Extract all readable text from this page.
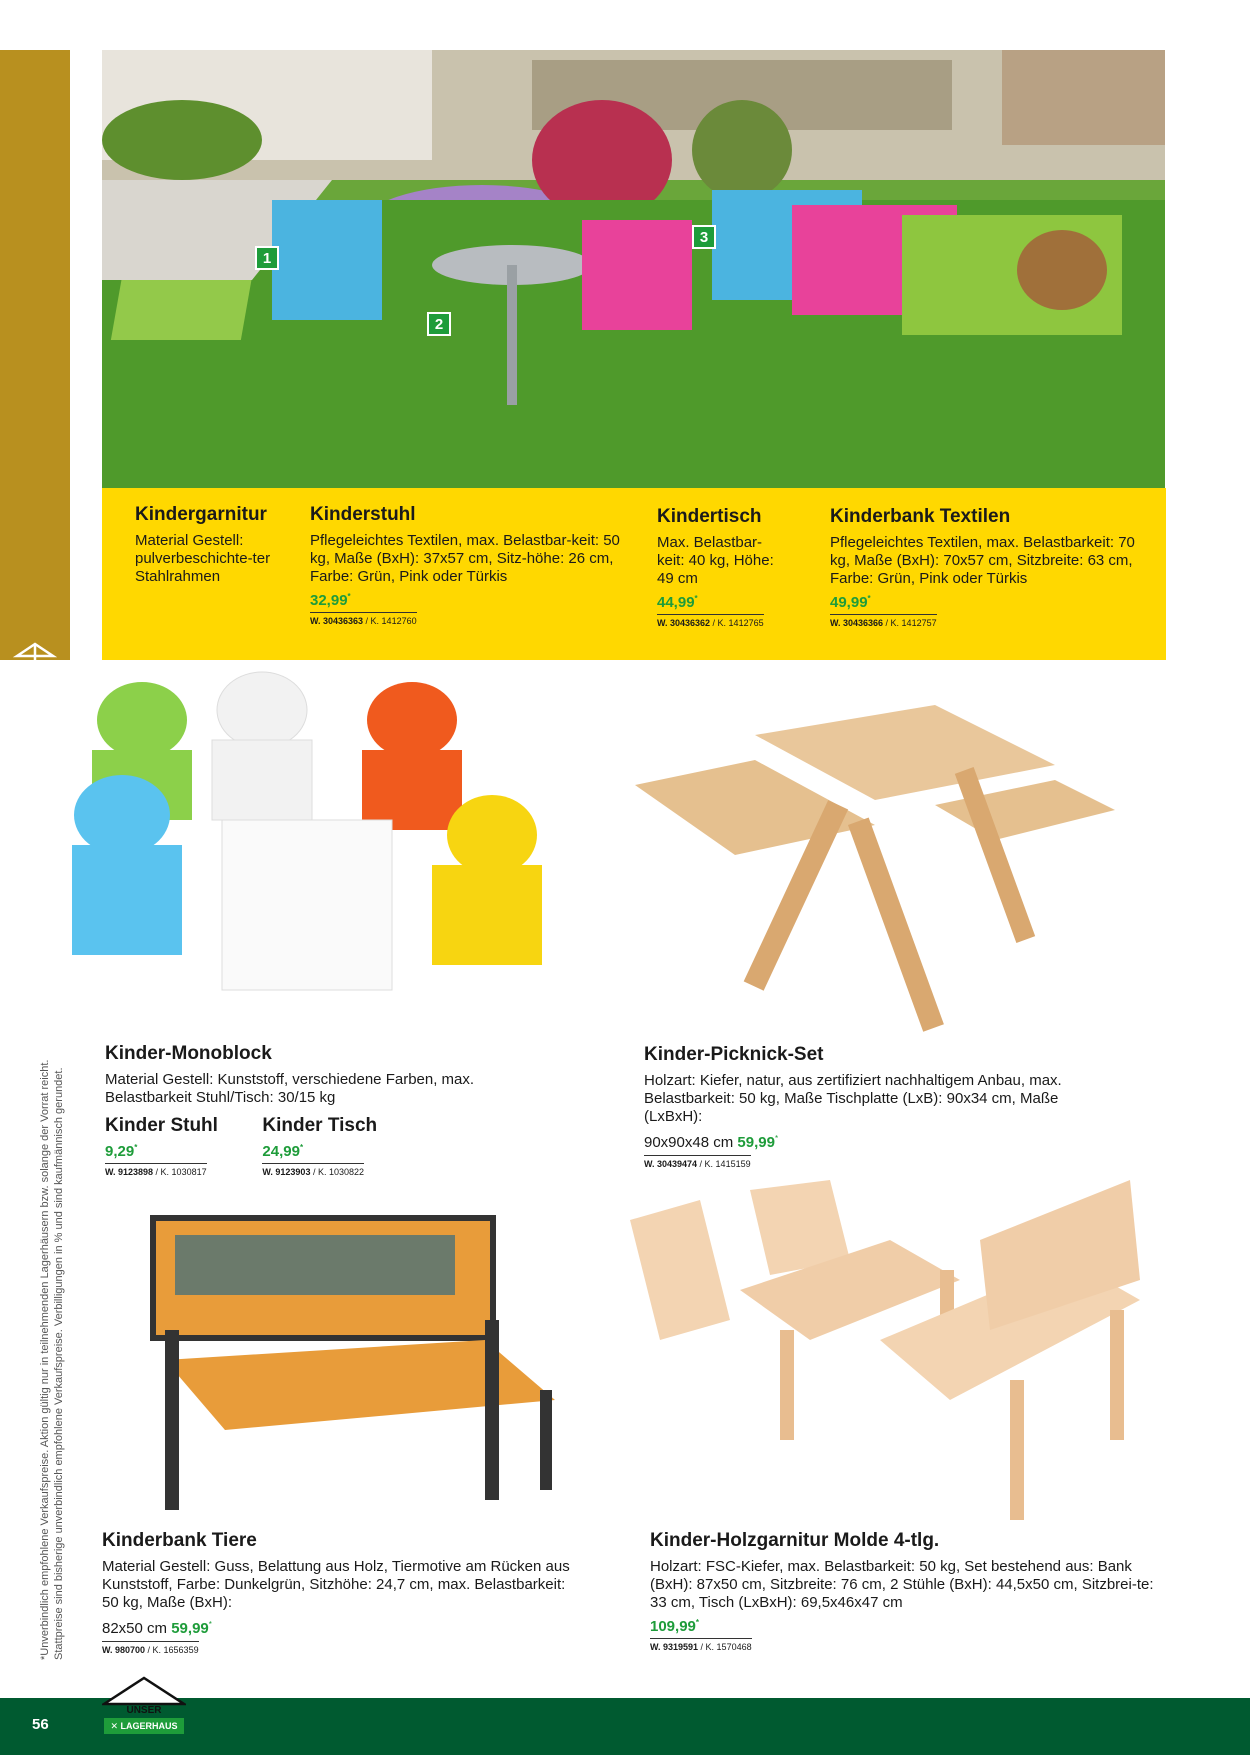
1
2
3
Kindergarnitur

Material Gestell: pulverbeschichte-ter Stahlrahmen

Kinderstuhl

Pflegeleichtes Textilen, max. Belastbar-keit: 50 kg, Maße (BxH): 37x57 cm, Sitz-höhe: 26 cm, Farbe: Grün, Pink oder Türkis

32,99*
W. 30436363 / K. 1412760
Kindertisch

Max. Belastbar-keit: 40 kg, Höhe: 49 cm

44,99*
W. 30436362 / K. 1412765
Kinderbank Textilen

Pflegeleichtes Textilen, max. Belastbarkeit: 70 kg, Maße (BxH): 70x57 cm, Sitzbreite: 63 cm, Farbe: Grün, Pink oder Türkis

49,99*
W. 30436366 / K. 1412757
Kinder-Monoblock

Material Gestell: Kunststoff, verschiedene Farben, max. Belastbarkeit Stuhl/Tisch: 30/15 kg

Kinder Stuhl
9,29*
W. 9123898 / K. 1030817
Kinder Tisch
24,99*
W. 9123903 / K. 1030822
Kinder-Picknick-Set

Holzart: Kiefer, natur, aus zertifiziert nachhaltigem Anbau, max. Belastbarkeit: 50 kg, Maße Tischplatte (LxB): 90x34 cm, Maße (LxBxH):

90x90x48 cm 59,99*

W. 30439474 / K. 1415159
Kinderbank Tiere

Material Gestell: Guss, Belattung aus Holz, Tiermotive am Rücken aus Kunststoff, Farbe: Dunkelgrün, Sitzhöhe: 24,7 cm, max. Belastbarkeit: 50 kg, Maße (BxH):

82x50 cm 59,99*

W. 980700 / K. 1656359
Kinder-Holzgarnitur Molde 4-tlg.

Holzart: FSC-Kiefer, max. Belastbarkeit: 50 kg, Set bestehend aus: Bank (BxH): 87x50 cm, Sitzbreite: 76 cm, 2 Stühle (BxH): 44,5x50 cm, Sitzbrei-te: 33 cm, Tisch (LxBxH): 69,5x46x47 cm

109,99*
W. 9319591 / K. 1570468
*Unverbindlich empfohlene Verkaufspreise. Aktion gültig nur in teilnehmenden Lagerhäusern bzw. solange der Vorrat reicht. Stattpreise sind bisherige unverbindlich empfohlene Verkaufspreise. Verbilligungen in % und sind kaufmännisch gerundet.
56
UNSER
✕ LAGERHAUS
